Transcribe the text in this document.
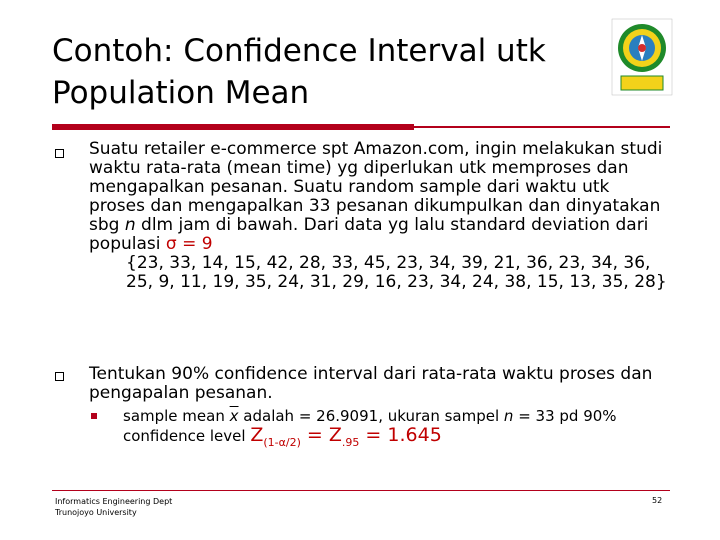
Contoh: Confidence Interval utk
Population Mean
Suatu retailer e-commerce spt Amazon.com, ingin melakukan studi waktu rata-rata (mean time) yg diperlukan utk memproses dan mengapalkan pesanan. Suatu random sample dari waktu utk proses dan mengapalkan 33 pesanan dikumpulkan dan dinyatakan sbg n dlm jam di bawah. Dari data yg lalu standard deviation dari populasi σ = 9
{23, 33, 14, 15, 42, 28, 33, 45, 23, 34, 39, 21, 36, 23, 34, 36, 25, 9, 11, 19, 35, 24, 31, 29, 16, 23, 34, 24, 38, 15, 13, 35, 28}
Tentukan 90% confidence interval dari rata-rata waktu proses dan pengapalan pesanan.
sample mean $\overline{x}$ adalah = 26.9091, ukuran sampel n = 33 pd 90% confidence level $Z_{(1-\alpha/2)} = Z_{.95} = 1.645$
Informatics Engineering Dept
Trunojoyo University
52
